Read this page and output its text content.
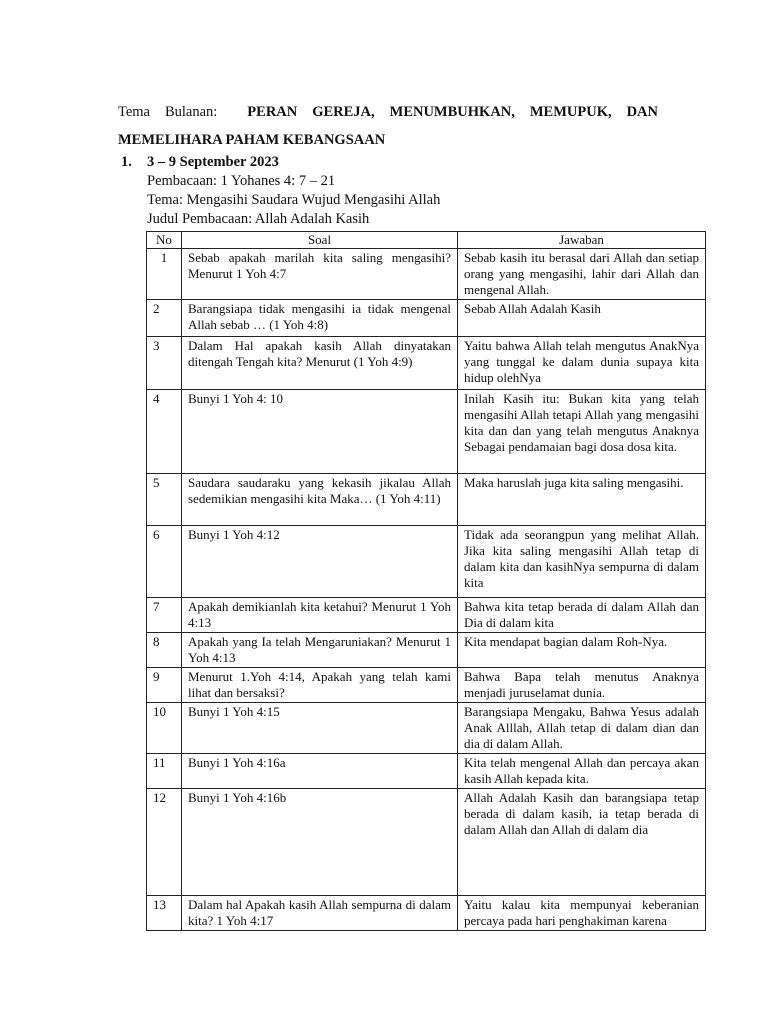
Tema Bulanan: PERAN GEREJA, MENUMBUHKAN, MEMUPUK, DAN
MEMELIHARA PAHAM KEBANGSAAN
1. 3 – 9 September 2023
Pembacaan: 1 Yohanes 4: 7 – 21
Tema: Mengasihi Saudara Wujud Mengasihi Allah
Judul Pembacaan: Allah Adalah Kasih
No	Soal	Jawaban
1	Sebab apakah marilah kita saling mengasihi? Menurut 1 Yoh 4:7	Sebab kasih itu berasal dari Allah dan setiap orang yang mengasihi, lahir dari Allah dan mengenal Allah.
2	Barangsiapa tidak mengasihi ia tidak mengenal Allah sebab … (1 Yoh 4:8)	Sebab Allah Adalah Kasih
3	Dalam Hal apakah kasih Allah dinyatakan ditengah Tengah kita? Menurut (1 Yoh 4:9)	Yaitu bahwa Allah telah mengutus AnakNya yang tunggal ke dalam dunia supaya kita hidup olehNya
4	Bunyi 1 Yoh 4: 10	Inilah Kasih itu: Bukan kita yang telah mengasihi Allah tetapi Allah yang mengasihi kita dan dan yang telah mengutus Anaknya Sebagai pendamaian bagi dosa dosa kita.
5	Saudara saudaraku yang kekasih jikalau Allah sedemikian mengasihi kita Maka… (1 Yoh 4:11)	Maka haruslah juga kita saling mengasihi.
6	Bunyi 1 Yoh 4:12	Tidak ada seorangpun yang melihat Allah. Jika kita saling mengasihi Allah tetap di dalam kita dan kasihNya sempurna di dalam kita
7	Apakah demikianlah kita ketahui? Menurut 1 Yoh 4:13	Bahwa kita tetap berada di dalam Allah dan Dia di dalam kita
8	Apakah yang Ia telah Mengaruniakan? Menurut 1 Yoh 4:13	Kita mendapat bagian dalam Roh-Nya.
9	Menurut 1.Yoh 4:14, Apakah yang telah kami lihat dan bersaksi?	Bahwa Bapa telah menutus Anaknya menjadi juruselamat dunia.
10	Bunyi 1 Yoh 4:15	Barangsiapa Mengaku, Bahwa Yesus adalah Anak Alllah, Allah tetap di dalam dian dan dia di dalam Allah.
11	Bunyi 1 Yoh 4:16a	Kita telah mengenal Allah dan percaya akan kasih Allah kepada kita.
12	Bunyi 1 Yoh 4:16b	Allah Adalah Kasih dan barangsiapa tetap berada di dalam kasih, ia tetap berada di dalam Allah dan Allah di dalam dia
13	Dalam hal Apakah kasih Allah sempurna di dalam kita? 1 Yoh 4:17	Yaitu kalau kita mempunyai keberanian percaya pada hari penghakiman karena
